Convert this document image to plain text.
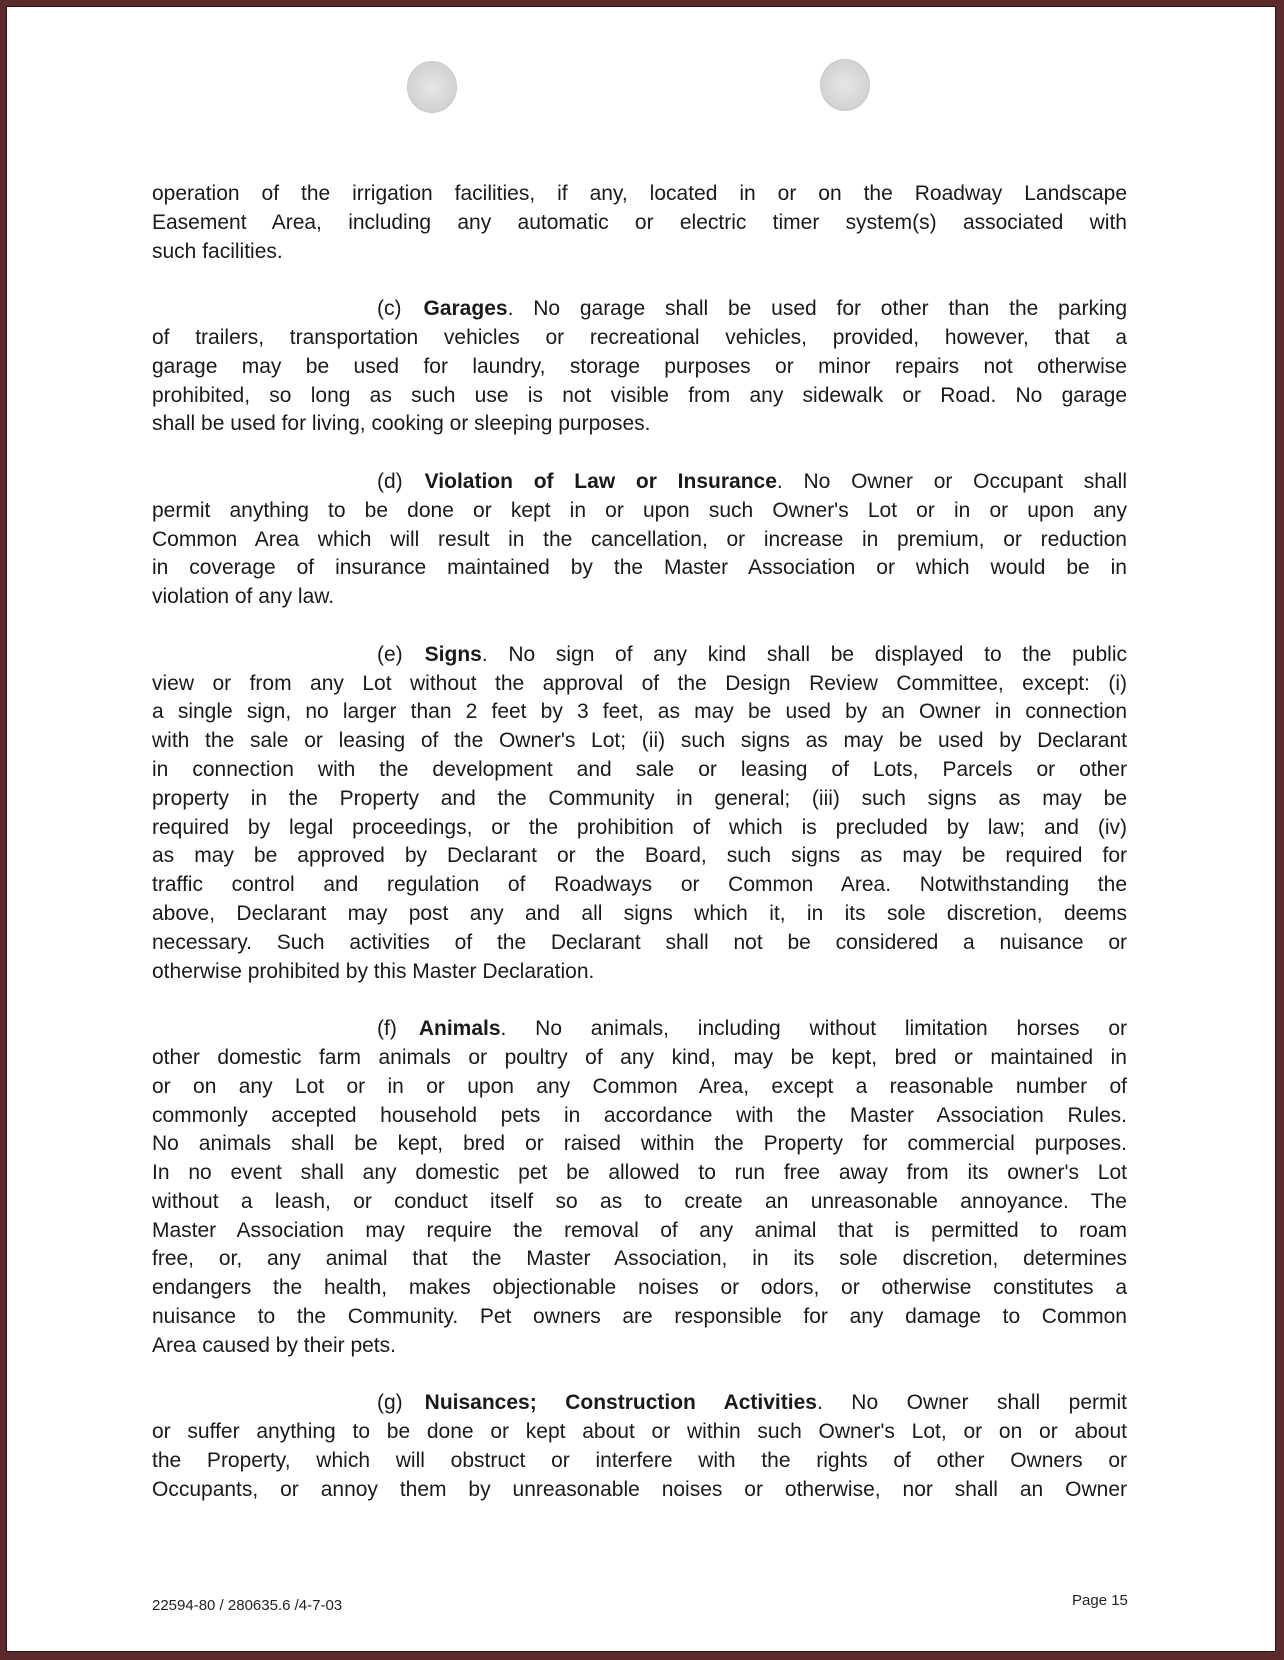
operation of the irrigation facilities, if any, located in or on the Roadway Landscape
Easement Area, including any automatic or electric timer system(s) associated with
such facilities.
(c) Garages. No garage shall be used for other than the parking
of trailers, transportation vehicles or recreational vehicles, provided, however, that a
garage may be used for laundry, storage purposes or minor repairs not otherwise
prohibited, so long as such use is not visible from any sidewalk or Road. No garage
shall be used for living, cooking or sleeping purposes.
(d) Violation of Law or Insurance. No Owner or Occupant shall
permit anything to be done or kept in or upon such Owner's Lot or in or upon any
Common Area which will result in the cancellation, or increase in premium, or reduction
in coverage of insurance maintained by the Master Association or which would be in
violation of any law.
(e) Signs. No sign of any kind shall be displayed to the public
view or from any Lot without the approval of the Design Review Committee, except: (i)
a single sign, no larger than 2 feet by 3 feet, as may be used by an Owner in connection
with the sale or leasing of the Owner's Lot; (ii) such signs as may be used by Declarant
in connection with the development and sale or leasing of Lots, Parcels or other
property in the Property and the Community in general; (iii) such signs as may be
required by legal proceedings, or the prohibition of which is precluded by law; and (iv)
as may be approved by Declarant or the Board, such signs as may be required for
traffic control and regulation of Roadways or Common Area. Notwithstanding the
above, Declarant may post any and all signs which it, in its sole discretion, deems
necessary. Such activities of the Declarant shall not be considered a nuisance or
otherwise prohibited by this Master Declaration.
(f) Animals. No animals, including without limitation horses or
other domestic farm animals or poultry of any kind, may be kept, bred or maintained in
or on any Lot or in or upon any Common Area, except a reasonable number of
commonly accepted household pets in accordance with the Master Association Rules.
No animals shall be kept, bred or raised within the Property for commercial purposes.
In no event shall any domestic pet be allowed to run free away from its owner's Lot
without a leash, or conduct itself so as to create an unreasonable annoyance. The
Master Association may require the removal of any animal that is permitted to roam
free, or, any animal that the Master Association, in its sole discretion, determines
endangers the health, makes objectionable noises or odors, or otherwise constitutes a
nuisance to the Community. Pet owners are responsible for any damage to Common
Area caused by their pets.
(g) Nuisances; Construction Activities. No Owner shall permit
or suffer anything to be done or kept about or within such Owner's Lot, or on or about
the Property, which will obstruct or interfere with the rights of other Owners or
Occupants, or annoy them by unreasonable noises or otherwise, nor shall an Owner
22594-80 / 280635.6 /4-7-03	Page 15
